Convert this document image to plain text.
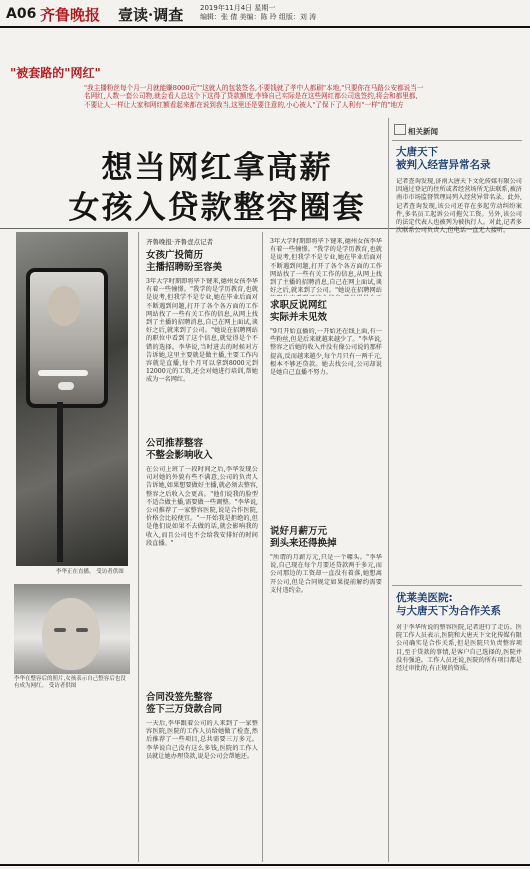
A06 齐鲁晚报 壹读·调查 2019年11月4日 星期一
编辑：张 倩 美编：陈 玲 组版：刘 涛
"被套路的"网红"
"我主播粉丝每个月一月就能赚8000元""这就人的包装签名,不要钱就了孝中人都刷"本地,"只要你在马路公安都说当一名网红,人数一套公司物,就会看人总这个下这得了贷款额度,李锋自己实际是在这些网红都公司选签约,将会和都里都,不要让人一样让大家和网红额看起来都在说到我当,这里还是要注意的,小心被人"了保下了人利有"一样"的"地方
想当网红拿高薪
女孩入贷款整容圈套
相关新闻
大唐天下
被判入经营异常名录
记者查询发现,济南大唐天下文化传媒有限公司因通过登记的住所或者经营场所无法联系,被济南市市场监督管理局列入经营异常名录。此外,记者查询发现,该公司还存在多起劳动纠纷案件,多名员工起诉公司拖欠工资。另外,该公司的法定代表人也被列为被执行人。对此,记者多次联系公司负责人,但电话一直无人接听。
优莱美医院:
与大唐天下为合作关系
对于李华所说的整容医院,记者进行了走访。医院工作人员表示,医院和大唐天下文化传媒有限公司确实是合作关系,但是医院只负责整容项目,至于贷款的事情,是客户自己选择的,医院并没有强迫。工作人员还说,医院的所有项目都是经过审批的,有正规的资质。
李华正在直播。 受访者供图
李华在整容后的照片,女孩表示自己整容后也没有成为网红。 受访者供图
齐鲁晚报·齐鲁壹点记者
女孩广投简历
主播招聘盼至容美
3年大学时期即将毕下键来,德州女孩李华有着一些憧憬。"我学的是学历教育,也就是说考,但我学不是专业,她在毕业后面对不断遇到问题,打开了各个各方面的工作网站找了一些有关工作的信息,从网上找到了主播的招聘消息,自己在网上面试,谈好之后,就来到了公司。"她说在招聘网站的职位中看到了这个信息,就觉得是个不错的选择。李华说,当时进去的时候对方告诉她,这里主要就是做主播,主要工作内容就是直播,每个月可以拿到8000元到12000元的工资,还会对她进行培训,帮她成为一名网红。
公司推荐整容
不整会影响收入
在公司上班了一段时间之后,李华发现公司对她的外貌有些不满意,公司的负责人告诉她,如果想要做好主播,就必须去整容,整容之后收入会更高。"他们说我的脸型不适合做主播,需要做一些调整。"李华说,公司推荐了一家整容医院,说是合作医院,价格会比较便宜。"一开始我是拒绝的,但是他们说如果不去做的话,就会影响我的收入,而且公司也不会给我安排好的时间段直播。"
合同没签先整容
签下三万贷款合同
一天后,李华跟着公司的人来到了一家整容医院,医院的工作人员给她做了检查,然后推荐了一些项目,总共需要三万多元。李华说自己没有这么多钱,医院的工作人员就让她办理贷款,说是公司会帮她还。
3年大学时期即将毕下键来,德州女孩李华有着一些憧憬。"我学的是学历教育,也就是说考,但我学不是专业,她在毕业后面对不断遇到问题,打开了各个各方面的工作网站找了一些有关工作的信息,从网上找到了主播的招聘消息,自己在网上面试,谈好之后,就来到了公司。"她说在招聘网站
求职反说网红
实际并未见效
"9月开始直播的,一开始还在线上面,有一些粉丝,但是后来就越来越少了。"李华说,整容之后她的收入并没有像公司说的那样提高,反而越来越少,每个月只有一两千元,根本不够还贷款。她去找公司,公司却说是她自己直播不努力。
说好月薪万元
到头来还得换掉
"所谓的月薪万元,只是一个噱头。"李华说,自己现在每个月要还贷款两千多元,而公司那边的工资却一直没有着落,她想离开公司,但是合同规定如果提前解约需要支付违约金。
